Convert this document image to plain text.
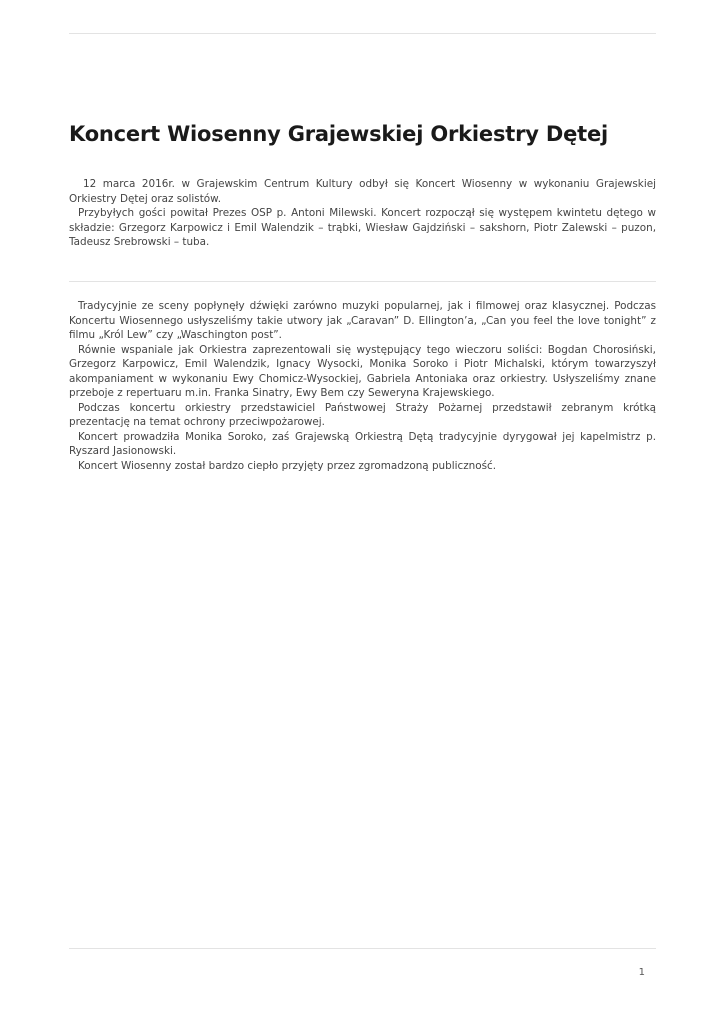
Koncert Wiosenny Grajewskiej Orkiestry Dętej

12 marca 2016r. w Grajewskim Centrum Kultury odbył się Koncert Wiosenny w wykonaniu Grajewskiej Orkiestry Dętej oraz solistów.

Przybyłych gości powitał Prezes OSP p. Antoni Milewski. Koncert rozpoczął się występem kwintetu dętego w składzie: Grzegorz Karpowicz i Emil Walendzik – trąbki, Wiesław Gajdziński – sakshorn, Piotr Zalewski – puzon, Tadeusz Srebrowski – tuba.

Tradycyjnie ze sceny popłynęły dźwięki zarówno muzyki popularnej, jak i filmowej oraz klasycznej. Podczas Koncertu Wiosennego usłyszeliśmy takie utwory jak „Caravan” D. Ellington’a, „Can you feel the love tonight” z filmu „Król Lew” czy „Waschington post”.

Równie wspaniale jak Orkiestra zaprezentowali się występujący tego wieczoru soliści: Bogdan Chorosiński, Grzegorz Karpowicz, Emil Walendzik, Ignacy Wysocki, Monika Soroko i Piotr Michalski, którym towarzyszył akompaniament w wykonaniu Ewy Chomicz-Wysockiej, Gabriela Antoniaka oraz orkiestry. Usłyszeliśmy znane przeboje z repertuaru m.in. Franka Sinatry, Ewy Bem czy Seweryna Krajewskiego.

Podczas koncertu orkiestry przedstawiciel Państwowej Straży Pożarnej przedstawił zebranym krótką prezentację na temat ochrony przeciwpożarowej.

Koncert prowadziła Monika Soroko, zaś Grajewską Orkiestrą Dętą tradycyjnie dyrygował jej kapelmistrz p. Ryszard Jasionowski.

Koncert Wiosenny został bardzo ciepło przyjęty przez zgromadzoną publiczność.

1
